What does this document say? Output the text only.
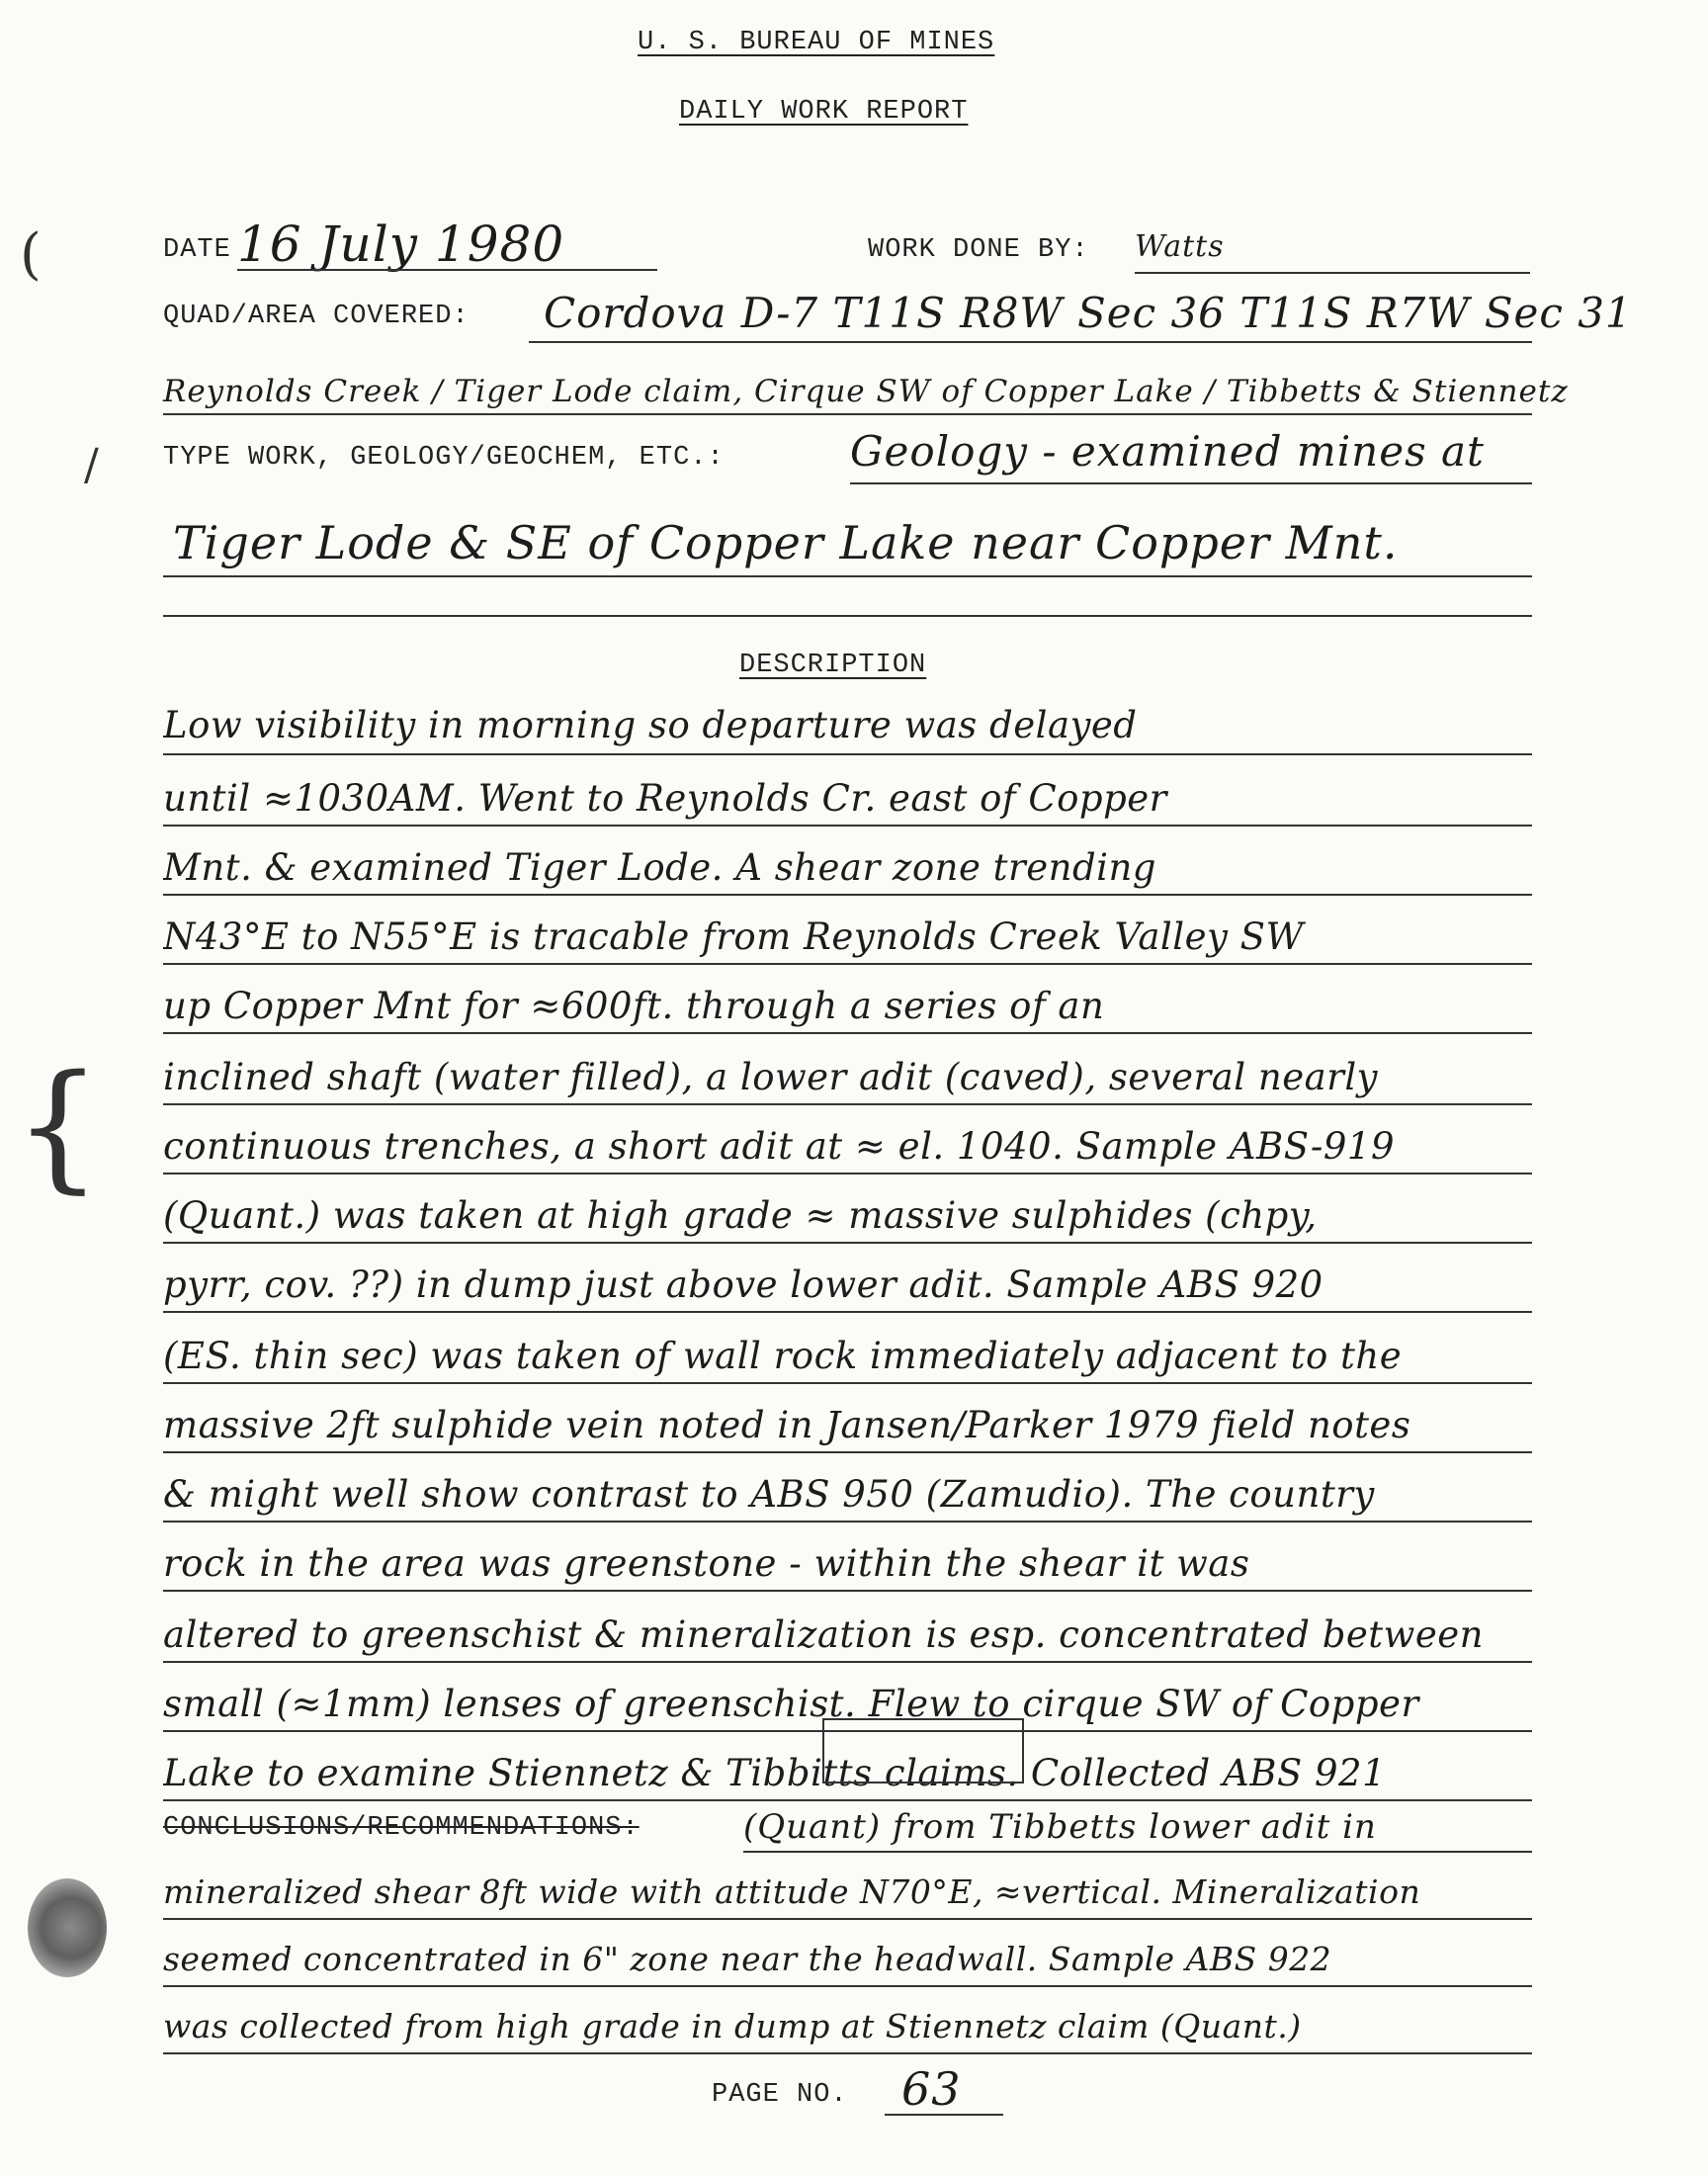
U. S. BUREAU OF MINES
DAILY WORK REPORT
(
/
{
DATE 16 July 1980	WORK DONE BY: Watts
QUAD/AREA COVERED: Cordova D-7 T11S R8W Sec 36 T11S R7W Sec 31
Reynolds Creek / Tiger Lode claim, Cirque SW of Copper Lake / Tibbetts & Stiennetz
TYPE WORK, GEOLOGY/GEOCHEM, ETC.:	Geology - examined mines at
Tiger Lode & SE of Copper Lake near Copper Mnt.
DESCRIPTION
Low visibility in morning so departure was delayed
until ≈1030AM. Went to Reynolds Cr. east of Copper
Mnt. & examined Tiger Lode. A shear zone trending
N43°E to N55°E is tracable from Reynolds Creek Valley SW
up Copper Mnt for ≈600ft. through a series of an
inclined shaft (water filled), a lower adit (caved), several nearly
continuous trenches, a short adit at ≈ el. 1040. Sample ABS-919
(Quant.) was taken at high grade ≈ massive sulphides (chpy,
pyrr, cov. ??) in dump just above lower adit. Sample ABS 920
(ES. thin sec) was taken of wall rock immediately adjacent to the
massive 2ft sulphide vein noted in Jansen/Parker 1979 field notes
& might well show contrast to ABS 950 (Zamudio). The country
rock in the area was greenstone - within the shear it was
altered to greenschist & mineralization is esp. concentrated between
small (≈1mm) lenses of greenschist. Flew to cirque SW of Copper
Lake to examine Stiennetz & Tibbitts claims. Collected ABS 921
CONCLUSIONS/RECOMMENDATIONS:	(Quant) from Tibbetts lower adit in
mineralized shear 8ft wide with attitude N70°E, ≈vertical. Mineralization
seemed concentrated in 6" zone near the headwall. Sample ABS 922
was collected from high grade in dump at Stiennetz claim (Quant.)
PAGE NO. 63
